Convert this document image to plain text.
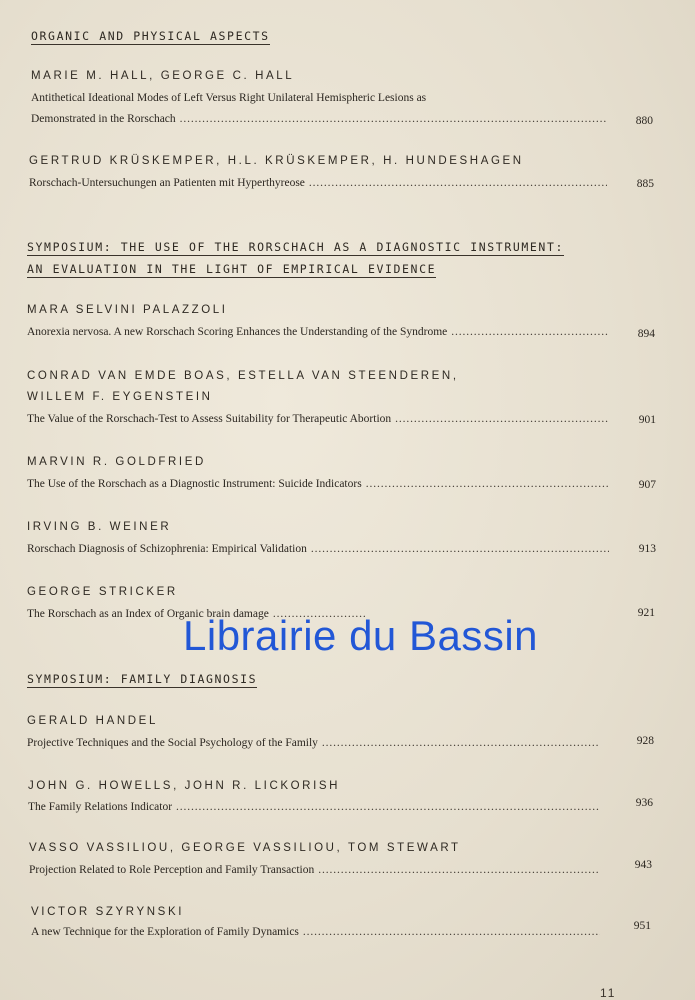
ORGANIC AND PHYSICAL ASPECTS
MARIE M. HALL, GEORGE C. HALL
Antithetical Ideational Modes of Left Versus Right Unilateral Hemispheric Lesions as
Demonstrated in the Rorschach . . .	880
GERTRUD KRÜSKEMPER, H.L. KRÜSKEMPER, H. HUNDESHAGEN
Rorschach-Untersuchungen an Patienten mit Hyperthyreose . . .	885
SYMPOSIUM: THE USE OF THE RORSCHACH AS A DIAGNOSTIC INSTRUMENT:
AN EVALUATION IN THE LIGHT OF EMPIRICAL EVIDENCE
MARA SELVINI PALAZZOLI
Anorexia nervosa. A new Rorschach Scoring Enhances the Understanding of the Syndrome . . .	894
CONRAD VAN EMDE BOAS, ESTELLA VAN STEENDEREN,
WILLEM F. EYGENSTEIN
The Value of the Rorschach-Test to Assess Suitability for Therapeutic Abortion . . .	901
MARVIN R. GOLDFRIED
The Use of the Rorschach as a Diagnostic Instrument: Suicide Indicators . . .	907
IRVING B. WEINER
Rorschach Diagnosis of Schizophrenia: Empirical Validation . . .	913
GEORGE STRICKER
The Rorschach as an Index of Organic brain damage . . .	921
Librairie du Bassin
SYMPOSIUM: FAMILY DIAGNOSIS
GERALD HANDEL
Projective Techniques and the Social Psychology of the Family . . .	928
JOHN G. HOWELLS, JOHN R. LICKORISH
The Family Relations Indicator . . .	936
VASSO VASSILIOU, GEORGE VASSILIOU, TOM STEWART
Projection Related to Role Perception and Family Transaction . . .	943
VICTOR SZYRYNSKI
A new Technique for the Exploration of Family Dynamics . . .	951
11
